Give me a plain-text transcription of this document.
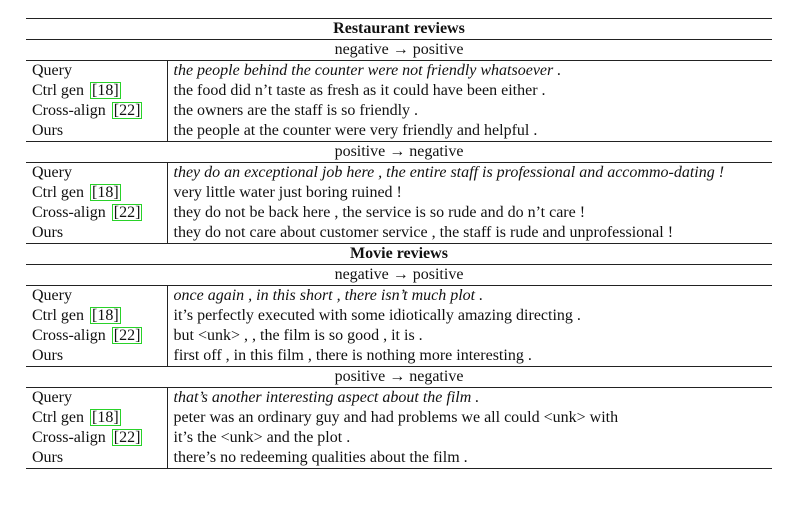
Restaurant reviews	
negative → positive	
Query	the people behind the counter were not friendly whatsoever .
Ctrl gen [18]	the food did n’t taste as fresh as it could have been either .
Cross-align [22]	the owners are the staff is so friendly .
Ours	the people at the counter were very friendly and helpful .
positive → negative	
Query	they do an exceptional job here , the entire staff is professional and accommo-dating !
Ctrl gen [18]	very little water just boring ruined !
Cross-align [22]	they do not be back here , the service is so rude and do n’t care !
Ours	they do not care about customer service , the staff is rude and unprofessional !
Movie reviews	
negative → positive	
Query	once again , in this short , there isn’t much plot .
Ctrl gen [18]	it’s perfectly executed with some idiotically amazing directing .
Cross-align [22]	but <unk> , , the film is so good , it is .
Ours	first off , in this film , there is nothing more interesting .
positive → negative	
Query	that’s another interesting aspect about the film .
Ctrl gen [18]	peter was an ordinary guy and had problems we all could <unk> with
Cross-align [22]	it’s the <unk> and the plot .
Ours	there’s no redeeming qualities about the film .
